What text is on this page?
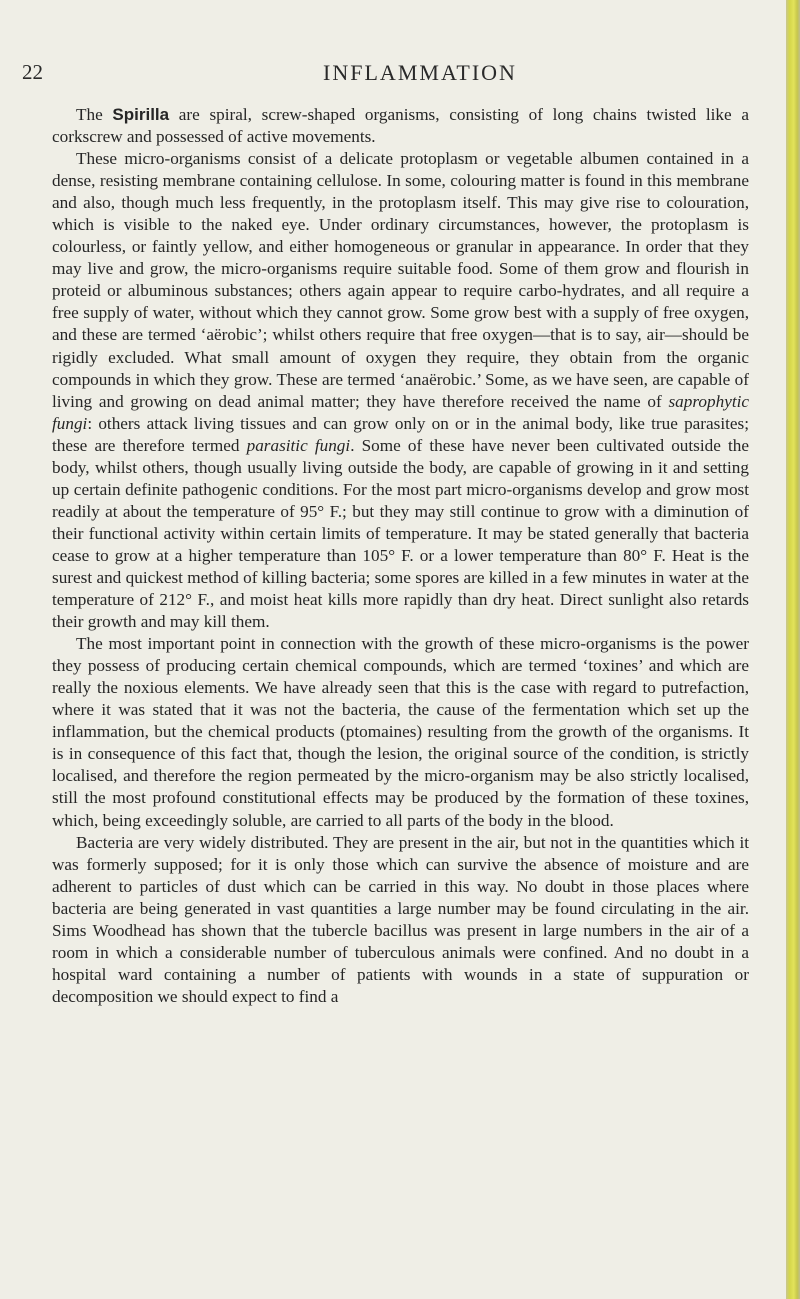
22	INFLAMMATION

The Spirilla are spiral, screw-shaped organisms, consisting of long chains twisted like a corkscrew and possessed of active movements.

These micro-organisms consist of a delicate protoplasm or vegetable albumen contained in a dense, resisting membrane containing cellulose. In some, colouring matter is found in this membrane and also, though much less frequently, in the protoplasm itself. This may give rise to colouration, which is visible to the naked eye. Under ordinary circumstances, however, the protoplasm is colourless, or faintly yellow, and either homogeneous or granular in appearance. In order that they may live and grow, the micro-organisms require suitable food. Some of them grow and flourish in proteid or albuminous substances; others again appear to require carbo-hydrates, and all require a free supply of water, without which they cannot grow. Some grow best with a supply of free oxygen, and these are termed ‘aërobic’; whilst others require that free oxygen—that is to say, air—should be rigidly excluded. What small amount of oxygen they require, they obtain from the organic compounds in which they grow. These are termed ‘anaërobic.’ Some, as we have seen, are capable of living and growing on dead animal matter; they have therefore received the name of saprophytic fungi: others attack living tissues and can grow only on or in the animal body, like true parasites; these are therefore termed parasitic fungi. Some of these have never been cultivated outside the body, whilst others, though usually living outside the body, are capable of growing in it and setting up certain definite pathogenic conditions. For the most part micro-organisms develop and grow most readily at about the temperature of 95° F.; but they may still continue to grow with a diminution of their functional activity within certain limits of temperature. It may be stated generally that bacteria cease to grow at a higher temperature than 105° F. or a lower temperature than 80° F. Heat is the surest and quickest method of killing bacteria; some spores are killed in a few minutes in water at the temperature of 212° F., and moist heat kills more rapidly than dry heat. Direct sunlight also retards their growth and may kill them.

The most important point in connection with the growth of these micro-organisms is the power they possess of producing certain chemical compounds, which are termed ‘toxines’ and which are really the noxious elements. We have already seen that this is the case with regard to putrefaction, where it was stated that it was not the bacteria, the cause of the fermentation which set up the inflammation, but the chemical products (ptomaines) resulting from the growth of the organisms. It is in consequence of this fact that, though the lesion, the original source of the condition, is strictly localised, and therefore the region permeated by the micro-organism may be also strictly localised, still the most profound constitutional effects may be produced by the formation of these toxines, which, being exceedingly soluble, are carried to all parts of the body in the blood.

Bacteria are very widely distributed. They are present in the air, but not in the quantities which it was formerly supposed; for it is only those which can survive the absence of moisture and are adherent to particles of dust which can be carried in this way. No doubt in those places where bacteria are being generated in vast quantities a large number may be found circulating in the air. Sims Woodhead has shown that the tubercle bacillus was present in large numbers in the air of a room in which a considerable number of tuberculous animals were confined. And no doubt in a hospital ward containing a number of patients with wounds in a state of suppuration or decomposition we should expect to find a
